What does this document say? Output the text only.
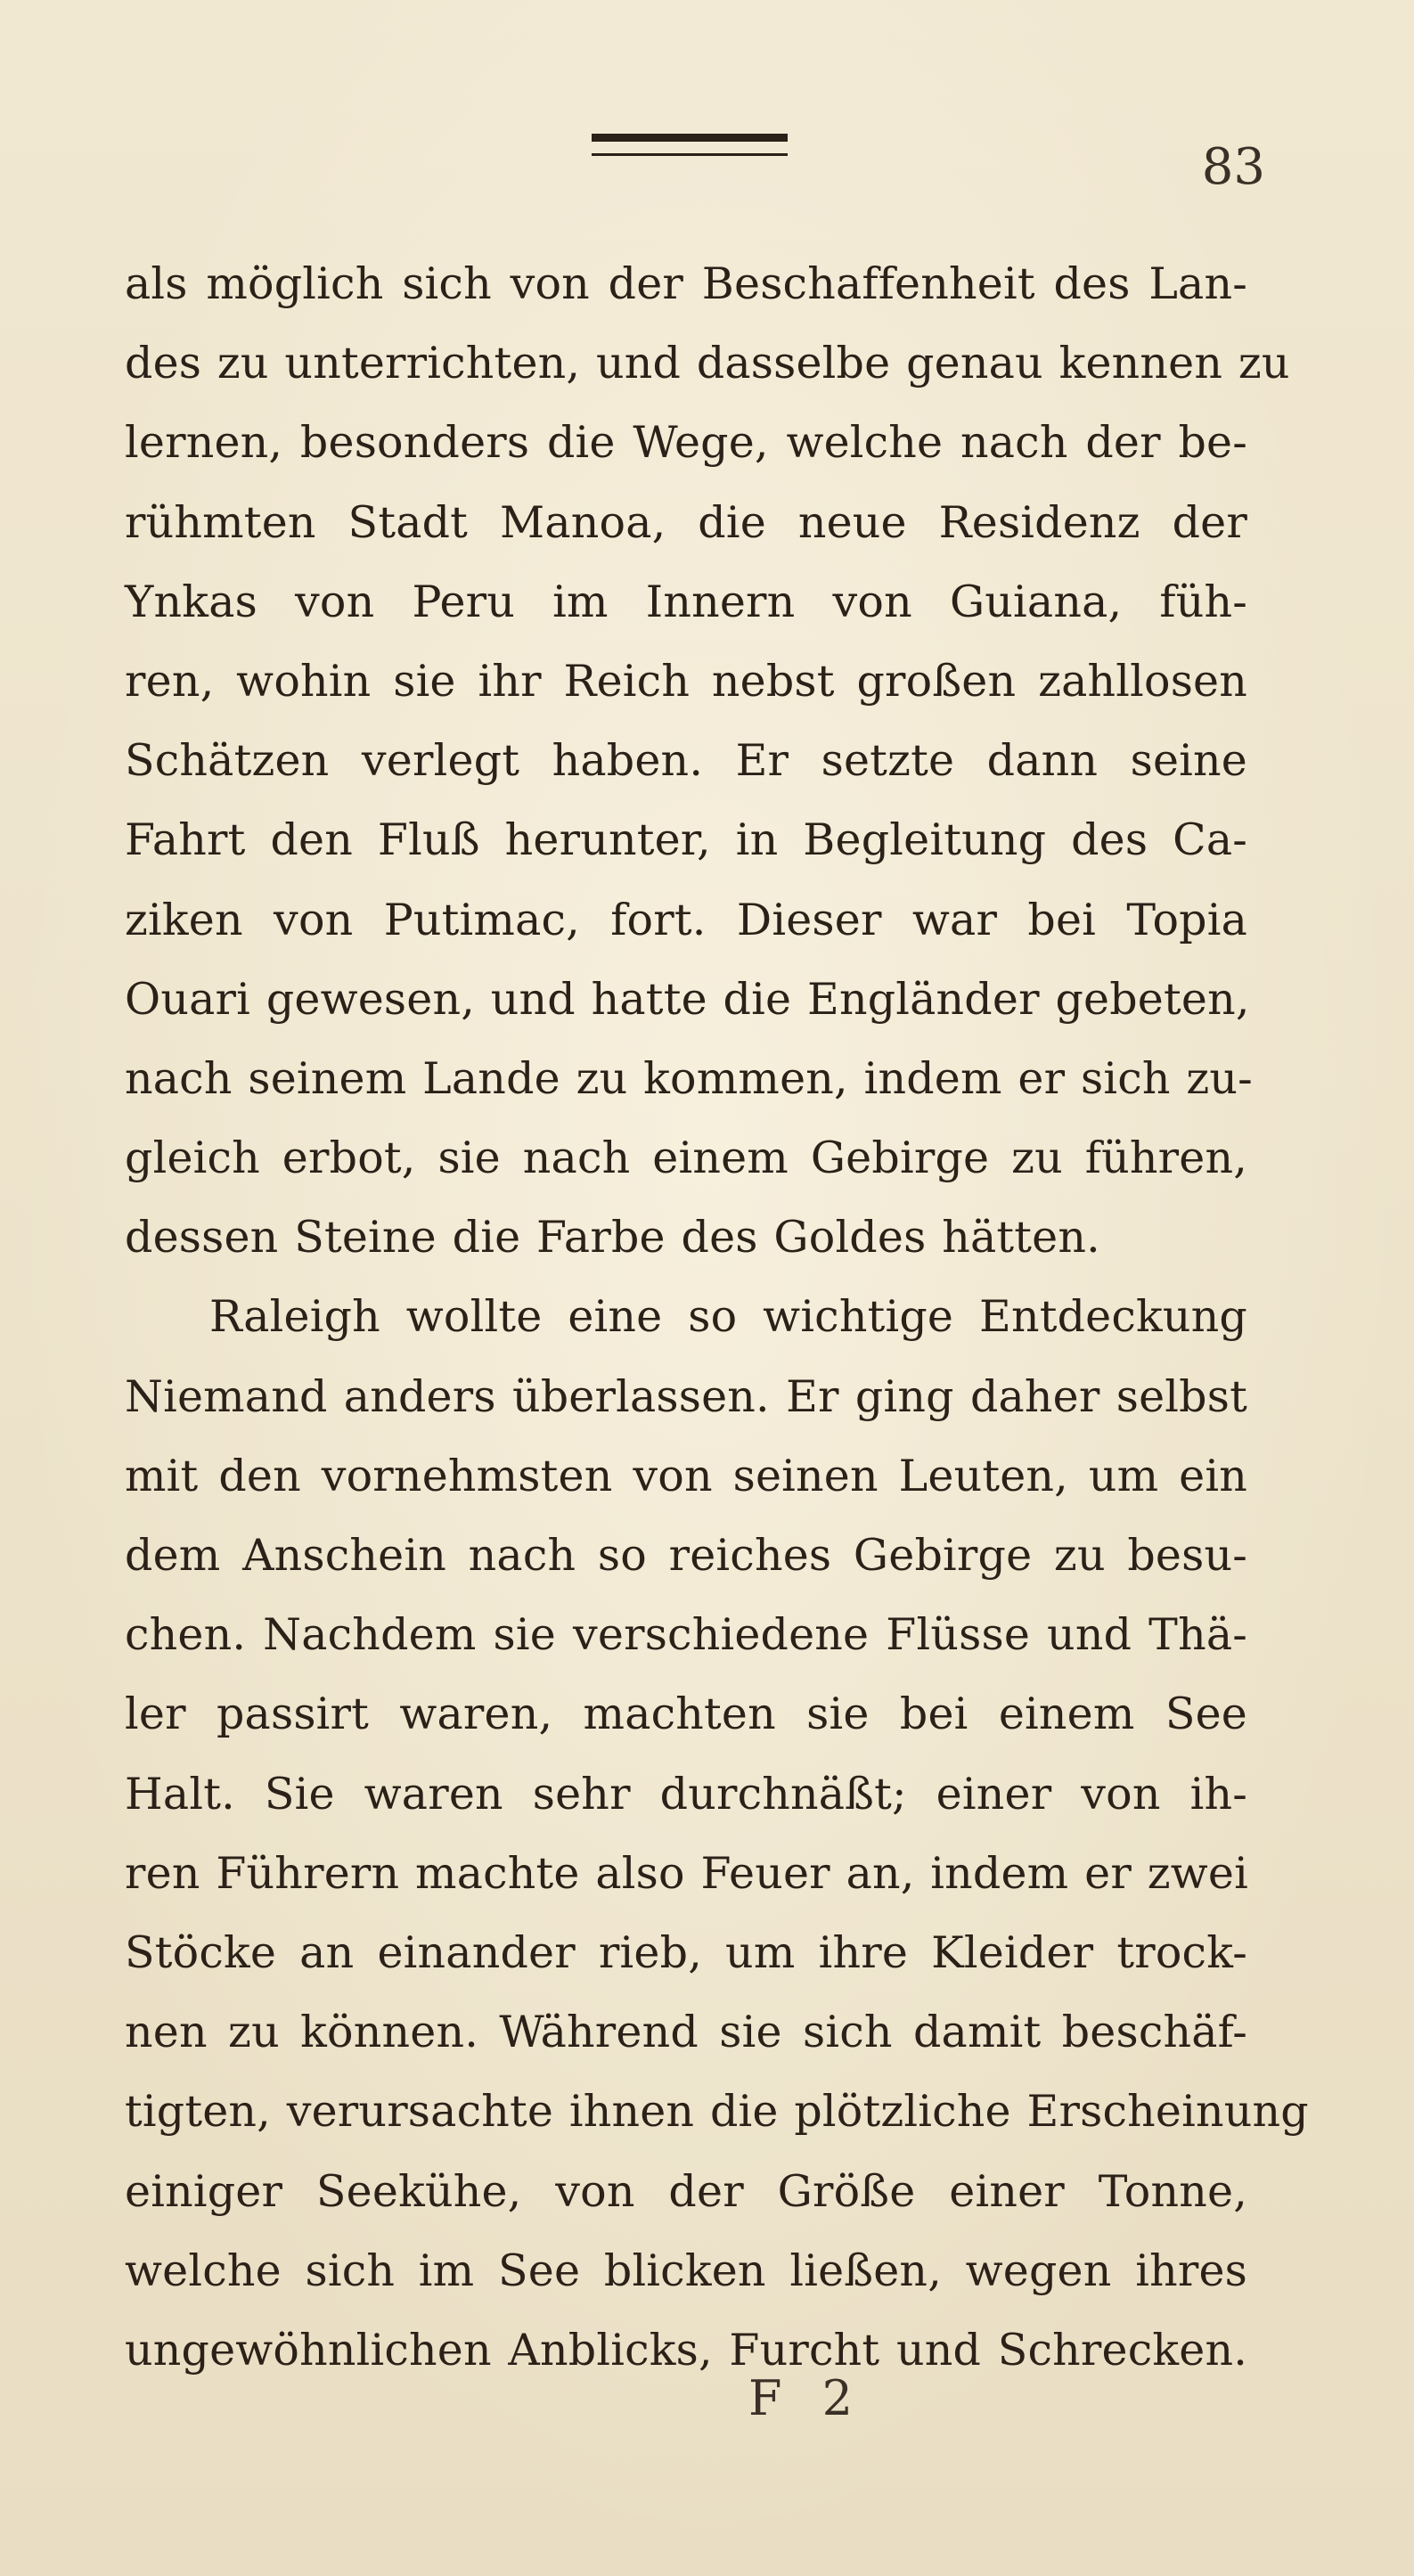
83
als möglich sich von der Beschaffenheit des Lan-
des zu unterrichten, und dasselbe genau kennen zu
lernen, besonders die Wege, welche nach der be-
rühmten Stadt Manoa, die neue Residenz der
Ynkas von Peru im Innern von Guiana, füh-
ren, wohin sie ihr Reich nebst großen zahllosen
Schätzen verlegt haben. Er setzte dann seine
Fahrt den Fluß herunter, in Begleitung des Ca-
ziken von Putimac, fort. Dieser war bei Topia
Ouari gewesen, und hatte die Engländer gebeten,
nach seinem Lande zu kommen, indem er sich zu-
gleich erbot, sie nach einem Gebirge zu führen,
dessen Steine die Farbe des Goldes hätten.
Raleigh wollte eine so wichtige Entdeckung
Niemand anders überlassen. Er ging daher selbst
mit den vornehmsten von seinen Leuten, um ein
dem Anschein nach so reiches Gebirge zu besu-
chen. Nachdem sie verschiedene Flüsse und Thä-
ler passirt waren, machten sie bei einem See
Halt. Sie waren sehr durchnäßt; einer von ih-
ren Führern machte also Feuer an, indem er zwei
Stöcke an einander rieb, um ihre Kleider trock-
nen zu können. Während sie sich damit beschäf-
tigten, verursachte ihnen die plötzliche Erscheinung
einiger Seekühe, von der Größe einer Tonne,
welche sich im See blicken ließen, wegen ihres
ungewöhnlichen Anblicks, Furcht und Schrecken.
F 2
